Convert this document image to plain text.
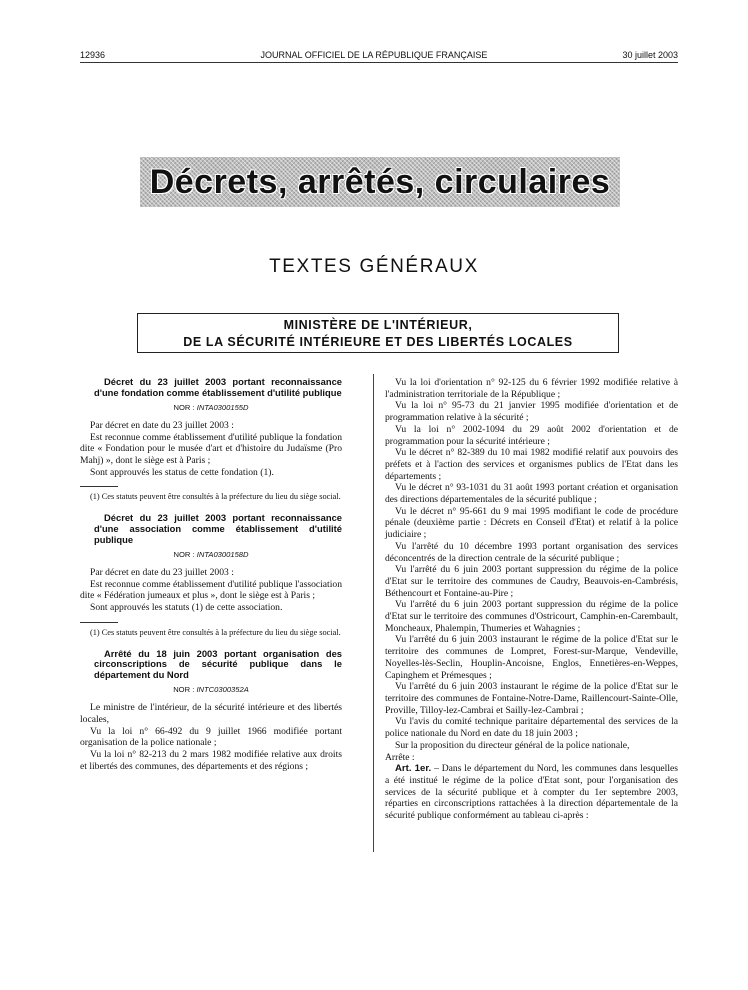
12936	JOURNAL OFFICIEL DE LA RÉPUBLIQUE FRANÇAISE	30 juillet 2003
Décrets, arrêtés, circulaires
TEXTES GÉNÉRAUX
MINISTÈRE DE L'INTÉRIEUR,
DE LA SÉCURITÉ INTÉRIEURE ET DES LIBERTÉS LOCALES

Décret du 23 juillet 2003 portant reconnaissance d'une fondation comme établissement d'utilité publique

NOR : INTA0300155D

Par décret en date du 23 juillet 2003 :

Est reconnue comme établissement d'utilité publique la fondation dite « Fondation pour le musée d'art et d'histoire du Judaïsme (Pro Mahj) », dont le siège est à Paris ;

Sont approuvés les status de cette fondation (1).

(1) Ces statuts peuvent être consultés à la préfecture du lieu du siège social.

Décret du 23 juillet 2003 portant reconnaissance d'une association comme établissement d'utilité publique

NOR : INTA0300158D

Par décret en date du 23 juillet 2003 :

Est reconnue comme établissement d'utilité publique l'association dite « Fédération jumeaux et plus », dont le siège est à Paris ;

Sont approuvés les statuts (1) de cette association.

(1) Ces statuts peuvent être consultés à la préfecture du lieu du siège social.

Arrêté du 18 juin 2003 portant organisation des circonscriptions de sécurité publique dans le département du Nord

NOR : INTC0300352A

Le ministre de l'intérieur, de la sécurité intérieure et des libertés locales,

Vu la loi n° 66-492 du 9 juillet 1966 modifiée portant organisation de la police nationale ;

Vu la loi n° 82-213 du 2 mars 1982 modifiée relative aux droits et libertés des communes, des départements et des régions ;

Vu la loi d'orientation n° 92-125 du 6 février 1992 modifiée relative à l'administration territoriale de la République ;

Vu la loi n° 95-73 du 21 janvier 1995 modifiée d'orientation et de programmation relative à la sécurité ;

Vu la loi n° 2002-1094 du 29 août 2002 d'orientation et de programmation pour la sécurité intérieure ;

Vu le décret n° 82-389 du 10 mai 1982 modifié relatif aux pouvoirs des préfets et à l'action des services et organismes publics de l'Etat dans les départements ;

Vu le décret n° 93-1031 du 31 août 1993 portant création et organisation des directions départementales de la sécurité publique ;

Vu le décret n° 95-661 du 9 mai 1995 modifiant le code de procédure pénale (deuxième partie : Décrets en Conseil d'Etat) et relatif à la police judiciaire ;

Vu l'arrêté du 10 décembre 1993 portant organisation des services déconcentrés de la direction centrale de la sécurité publique ;

Vu l'arrêté du 6 juin 2003 portant suppression du régime de la police d'Etat sur le territoire des communes de Caudry, Beauvois-en-Cambrésis, Béthencourt et Fontaine-au-Pire ;

Vu l'arrêté du 6 juin 2003 portant suppression du régime de la police d'Etat sur le territoire des communes d'Ostricourt, Camphin-en-Carembault, Moncheaux, Phalempin, Thumeries et Wahagnies ;

Vu l'arrêté du 6 juin 2003 instaurant le régime de la police d'Etat sur le territoire des communes de Lompret, Forest-sur-Marque, Vendeville, Noyelles-lès-Seclin, Houplin-Ancoisne, Englos, Ennetières-en-Weppes, Capinghem et Prémesques ;

Vu l'arrêté du 6 juin 2003 instaurant le régime de la police d'Etat sur le territoire des communes de Fontaine-Notre-Dame, Raillencourt-Sainte-Olle, Proville, Tilloy-lez-Cambrai et Sailly-lez-Cambrai ;

Vu l'avis du comité technique paritaire départemental des services de la police nationale du Nord en date du 18 juin 2003 ;

Sur la proposition du directeur général de la police nationale,

Arrête :

Art. 1er. – Dans le département du Nord, les communes dans lesquelles a été institué le régime de la police d'Etat sont, pour l'organisation des services de la sécurité publique et à compter du 1er septembre 2003, réparties en circonscriptions rattachées à la direction départementale de la sécurité publique conformément au tableau ci-après :
